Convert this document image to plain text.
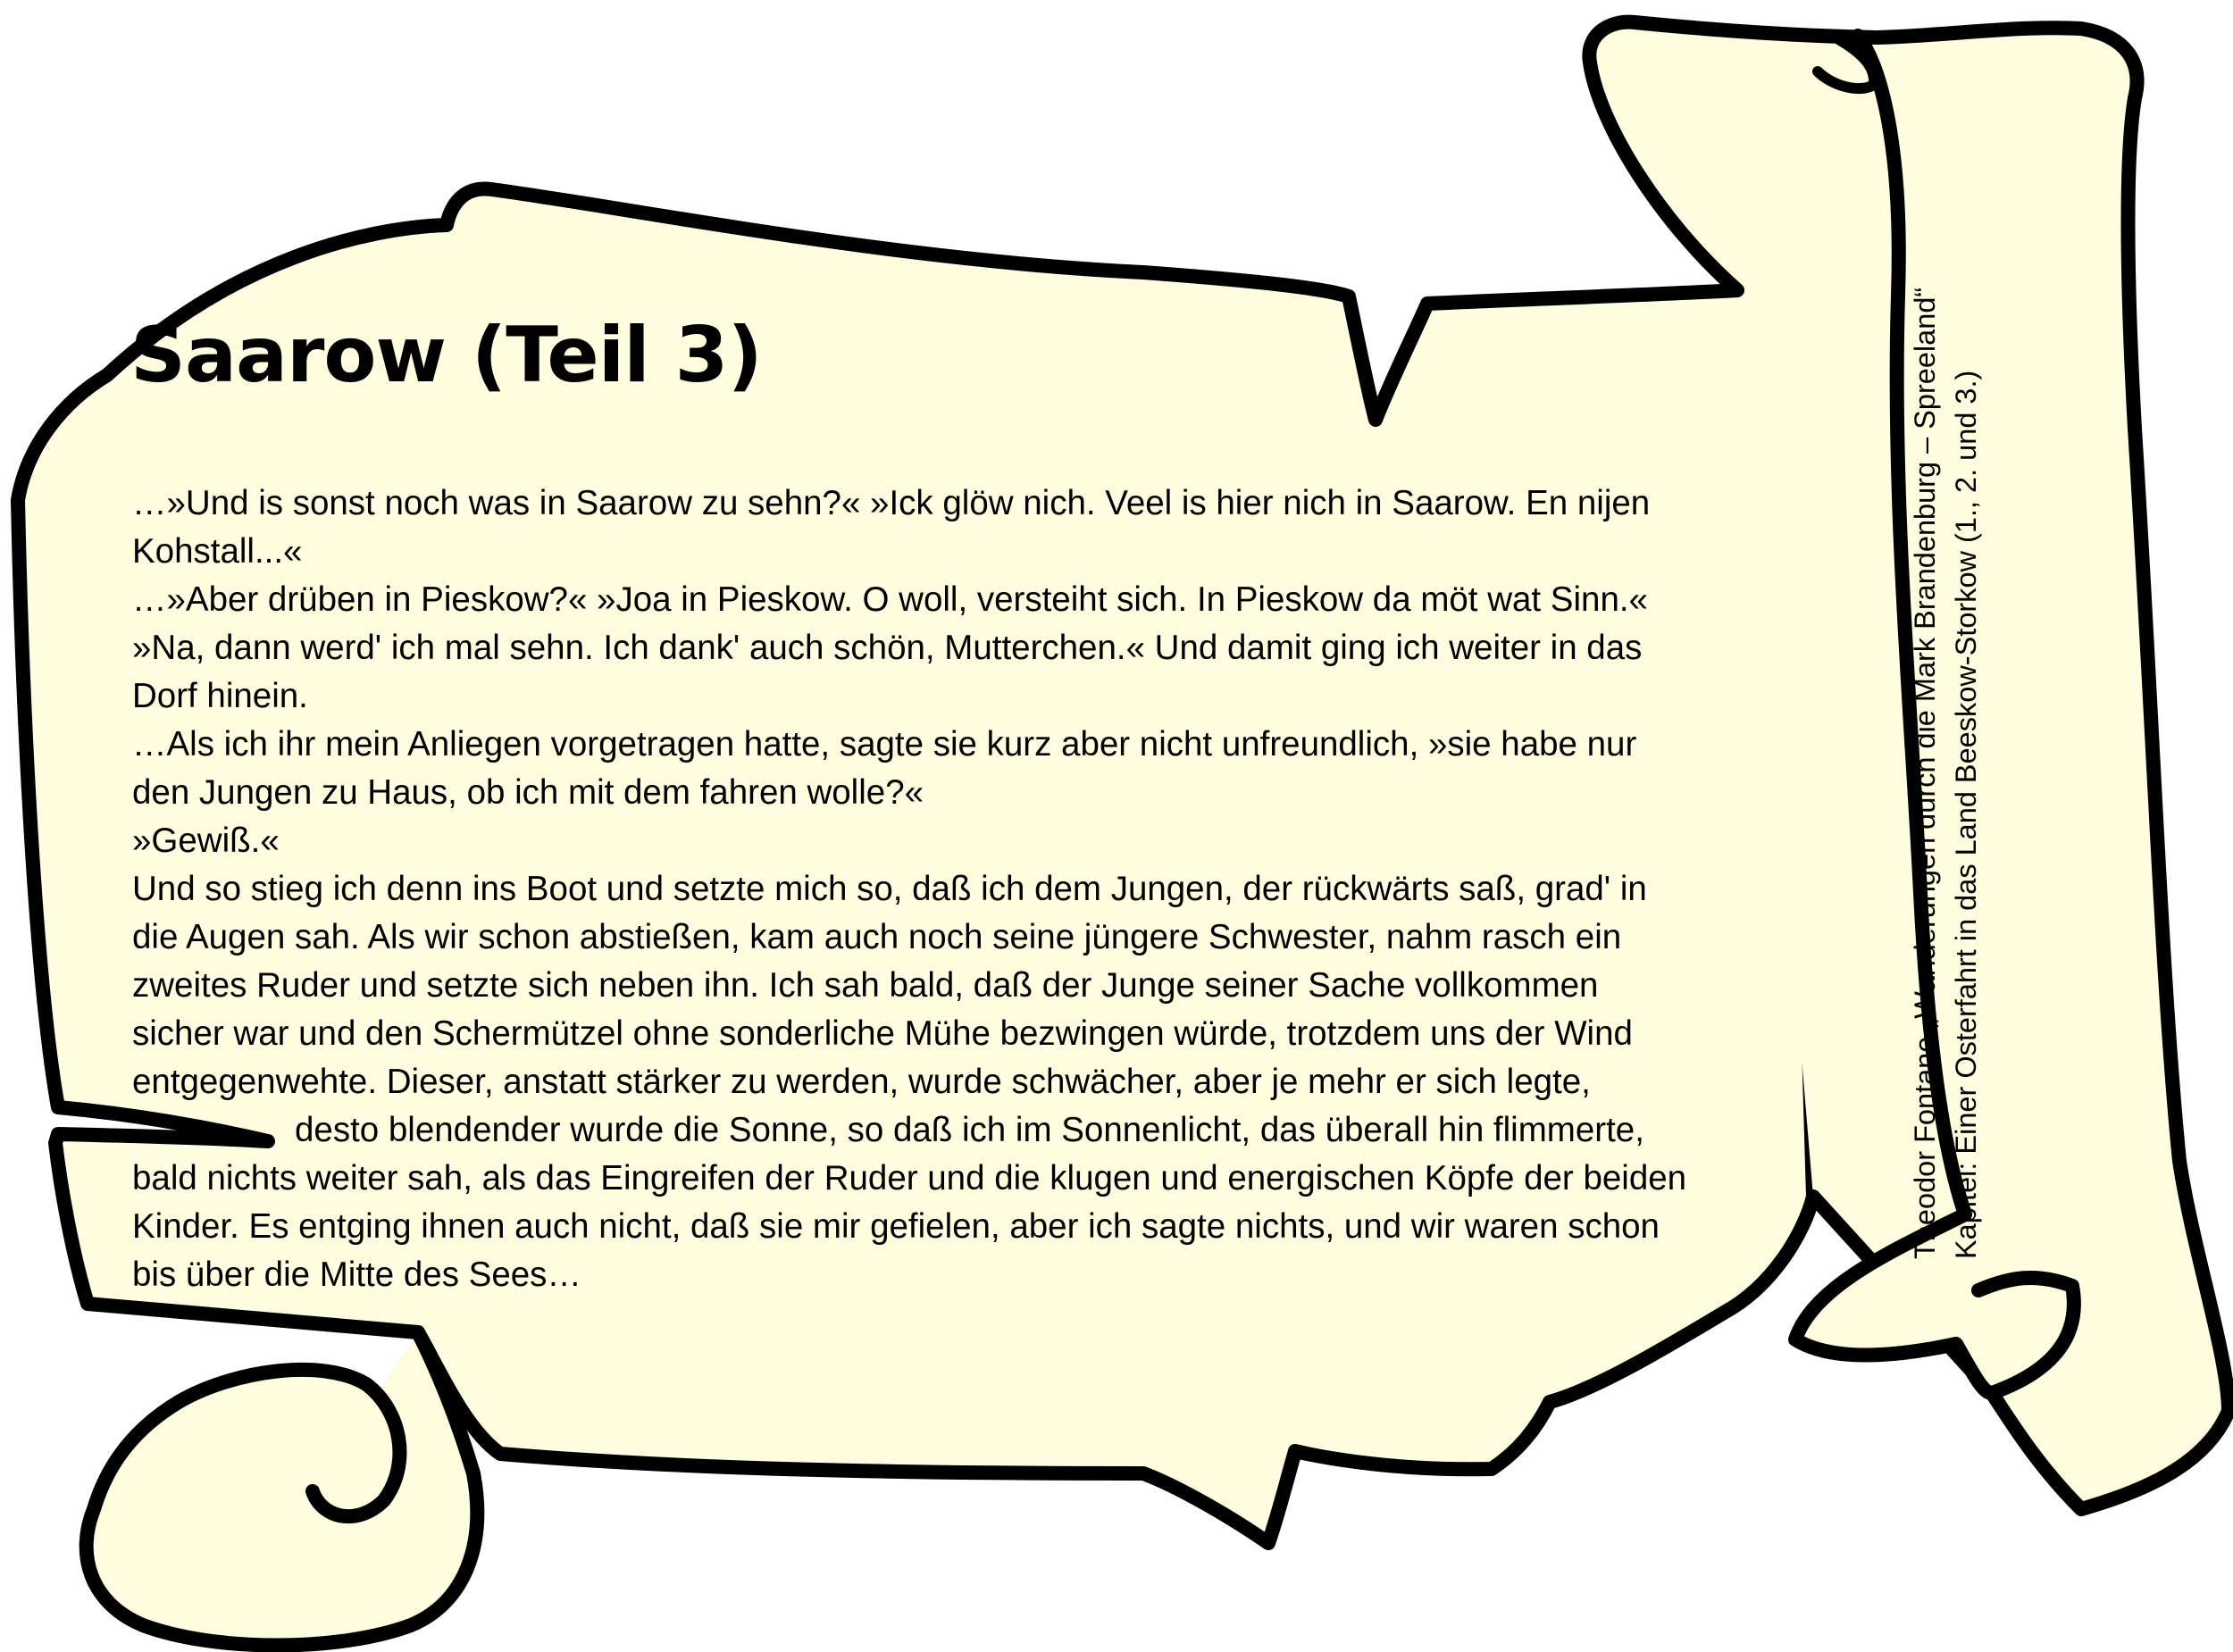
Saarow (Teil 3)
…»Und is sonst noch was in Saarow zu sehn?« »Ick glöw nich. Veel is hier nich in Saarow. En nijen
Kohstall...«
…»Aber drüben in Pieskow?« »Joa in Pieskow. O woll, versteiht sich. In Pieskow da möt wat Sinn.«
»Na, dann werd' ich mal sehn. Ich dank' auch schön, Mutterchen.« Und damit ging ich weiter in das
Dorf hinein.
…Als ich ihr mein Anliegen vorgetragen hatte, sagte sie kurz aber nicht unfreundlich, »sie habe nur
den Jungen zu Haus, ob ich mit dem fahren wolle?«
»Gewiß.«
Und so stieg ich denn ins Boot und setzte mich so, daß ich dem Jungen, der rückwärts saß, grad' in
die Augen sah. Als wir schon abstießen, kam auch noch seine jüngere Schwester, nahm rasch ein
zweites Ruder und setzte sich neben ihn. Ich sah bald, daß der Junge seiner Sache vollkommen
sicher war und den Schermützel ohne sonderliche Mühe bezwingen würde, trotzdem uns der Wind
entgegenwehte. Dieser, anstatt stärker zu werden, wurde schwächer, aber je mehr er sich legte,
desto blendender wurde die Sonne, so daß ich im Sonnenlicht, das überall hin flimmerte,
bald nichts weiter sah, als das Eingreifen der Ruder und die klugen und energischen Köpfe der beiden
Kinder. Es entging ihnen auch nicht, daß sie mir gefielen, aber ich sagte nichts, und wir waren schon
bis über die Mitte des Sees…
Theodor Fontane „Wanderungen durch die Mark Brandenburg – Spreeland“ Kapitel: Einer Osterfahrt in das Land Beeskow-Storkow (1., 2. und 3.)
